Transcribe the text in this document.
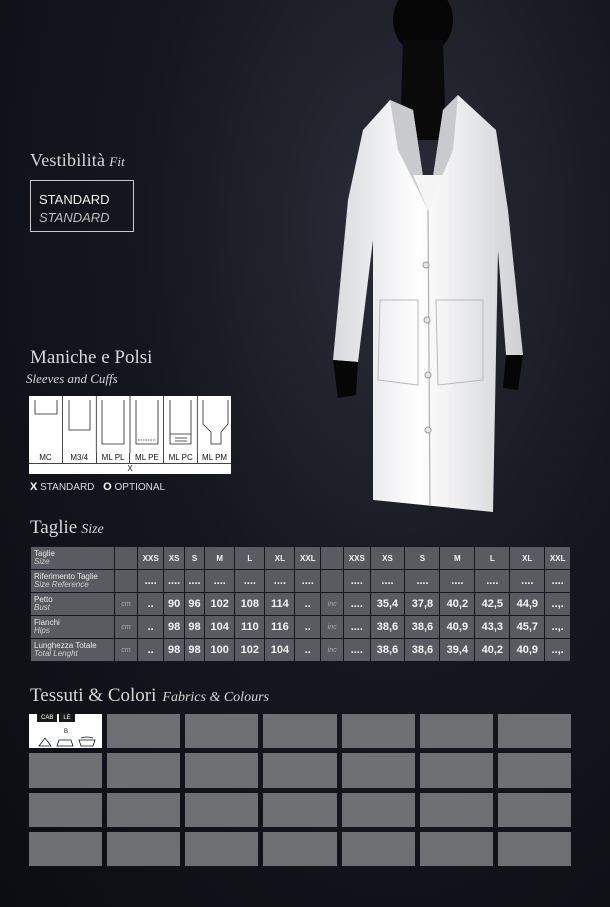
Vestibilità Fit
STANDARD
STANDARD
Maniche e Polsi
Sleeves and Cuffs
MC	M3/4	ML PL	ML PE	ML PC	ML PM
X
X STANDARD O OPTIONAL
Taglie Size
Taglie
Size		XXS	XS	S	M	L	XL	XXL		XXS	XS	S	M	L	XL	XXL

Riferimento Taglie
Size Reference		....	....	....	....	....	....	....		....	....	....	....	....	....	....

Petto
Bust	cm	..	90	96	102	108	114	..	inc	....	35,4	37,8	40,2	42,5	44,9	..,.

Fianchi
Hips	cm	..	98	98	104	110	116	..	inc	....	38,6	38,6	40,9	43,3	45,7	..,.

Lunghezza Totale
Total Lenght	cm	..	98	98	100	102	104	..	inc	....	38,6	38,6	39,4	40,2	40,9	..,.
Tessuti & Colori Fabrics & Colours
CAB	LE
B
